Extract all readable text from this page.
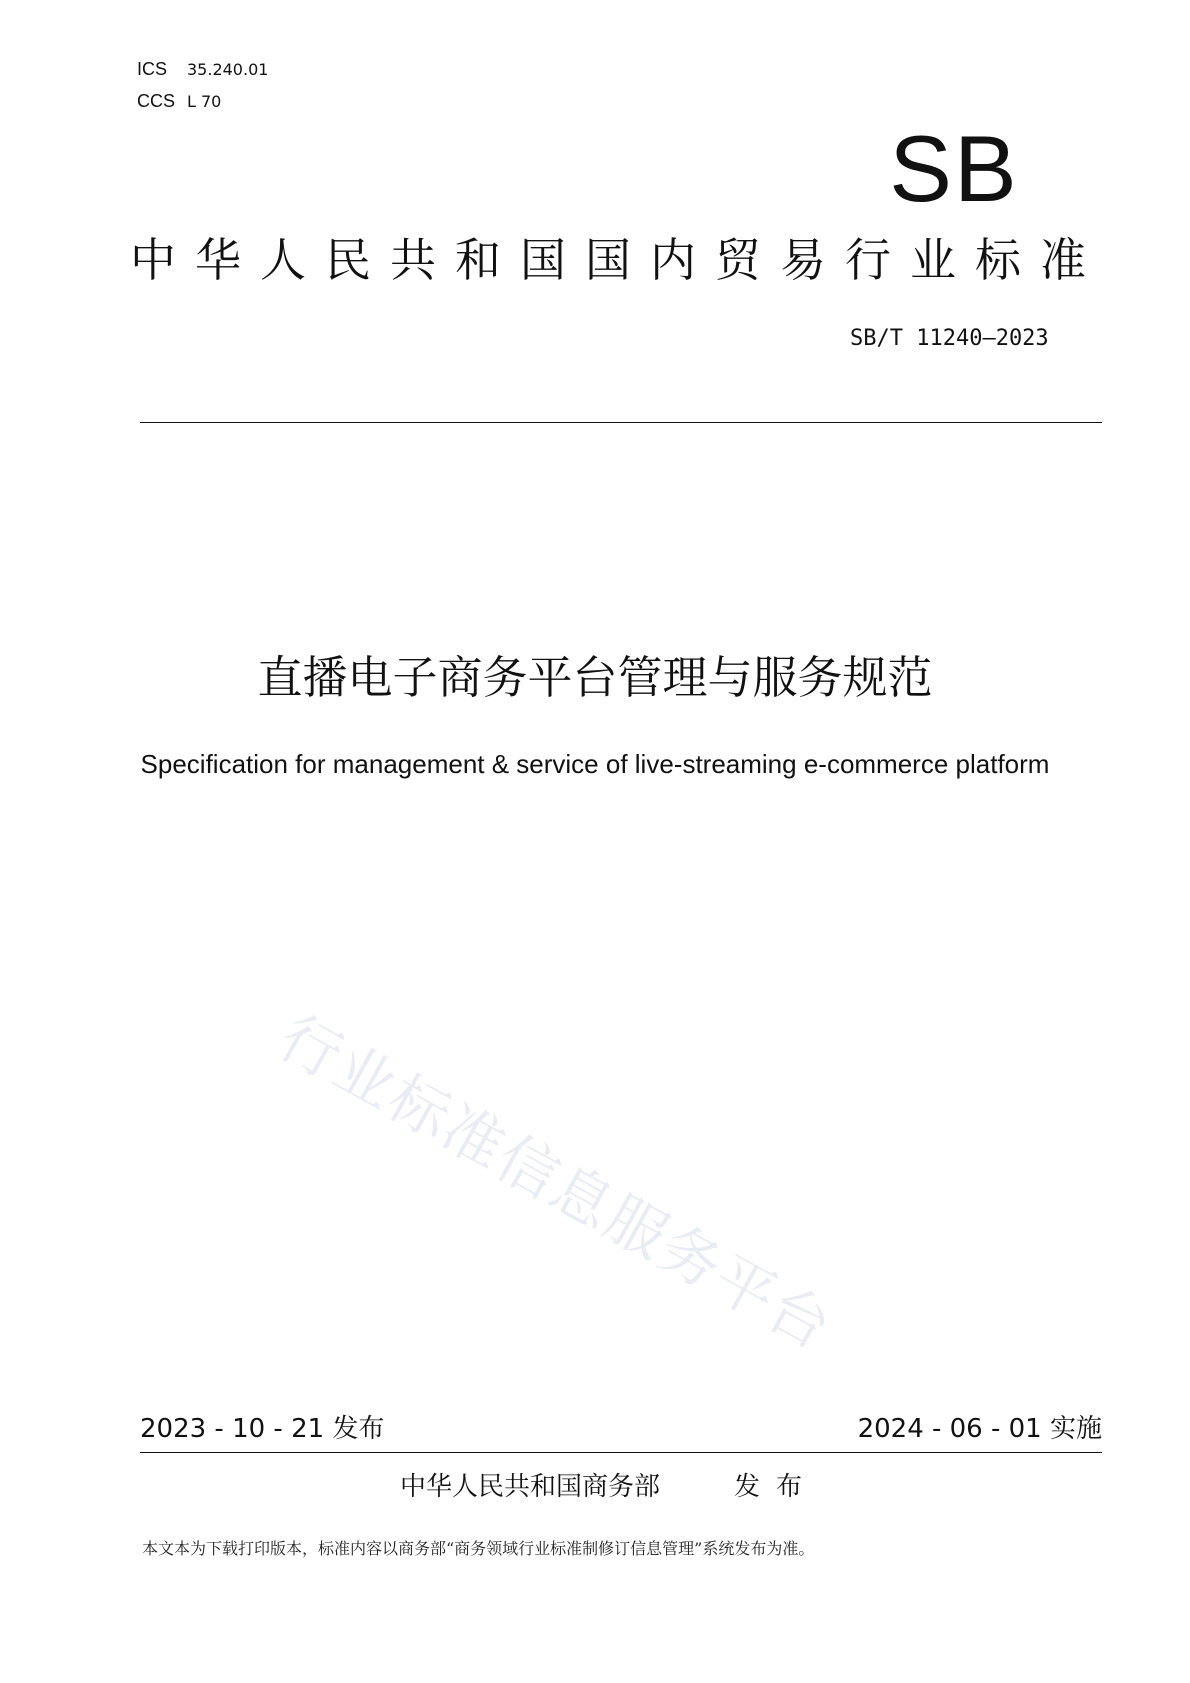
ICS 35.240.01
CCS L 70
SB
中华人民共和国国内贸易行业标准
SB/T 11240—2023
直播电子商务平台管理与服务规范
Specification for management & service of live-streaming e-commerce platform
行业标准信息服务平台
2023 - 10 - 21 发布	2024 - 06 - 01 实施
中华人民共和国商务部	发布
本文本为下载打印版本，标准内容以商务部“商务领域行业标准制修订信息管理”系统发布为准。
